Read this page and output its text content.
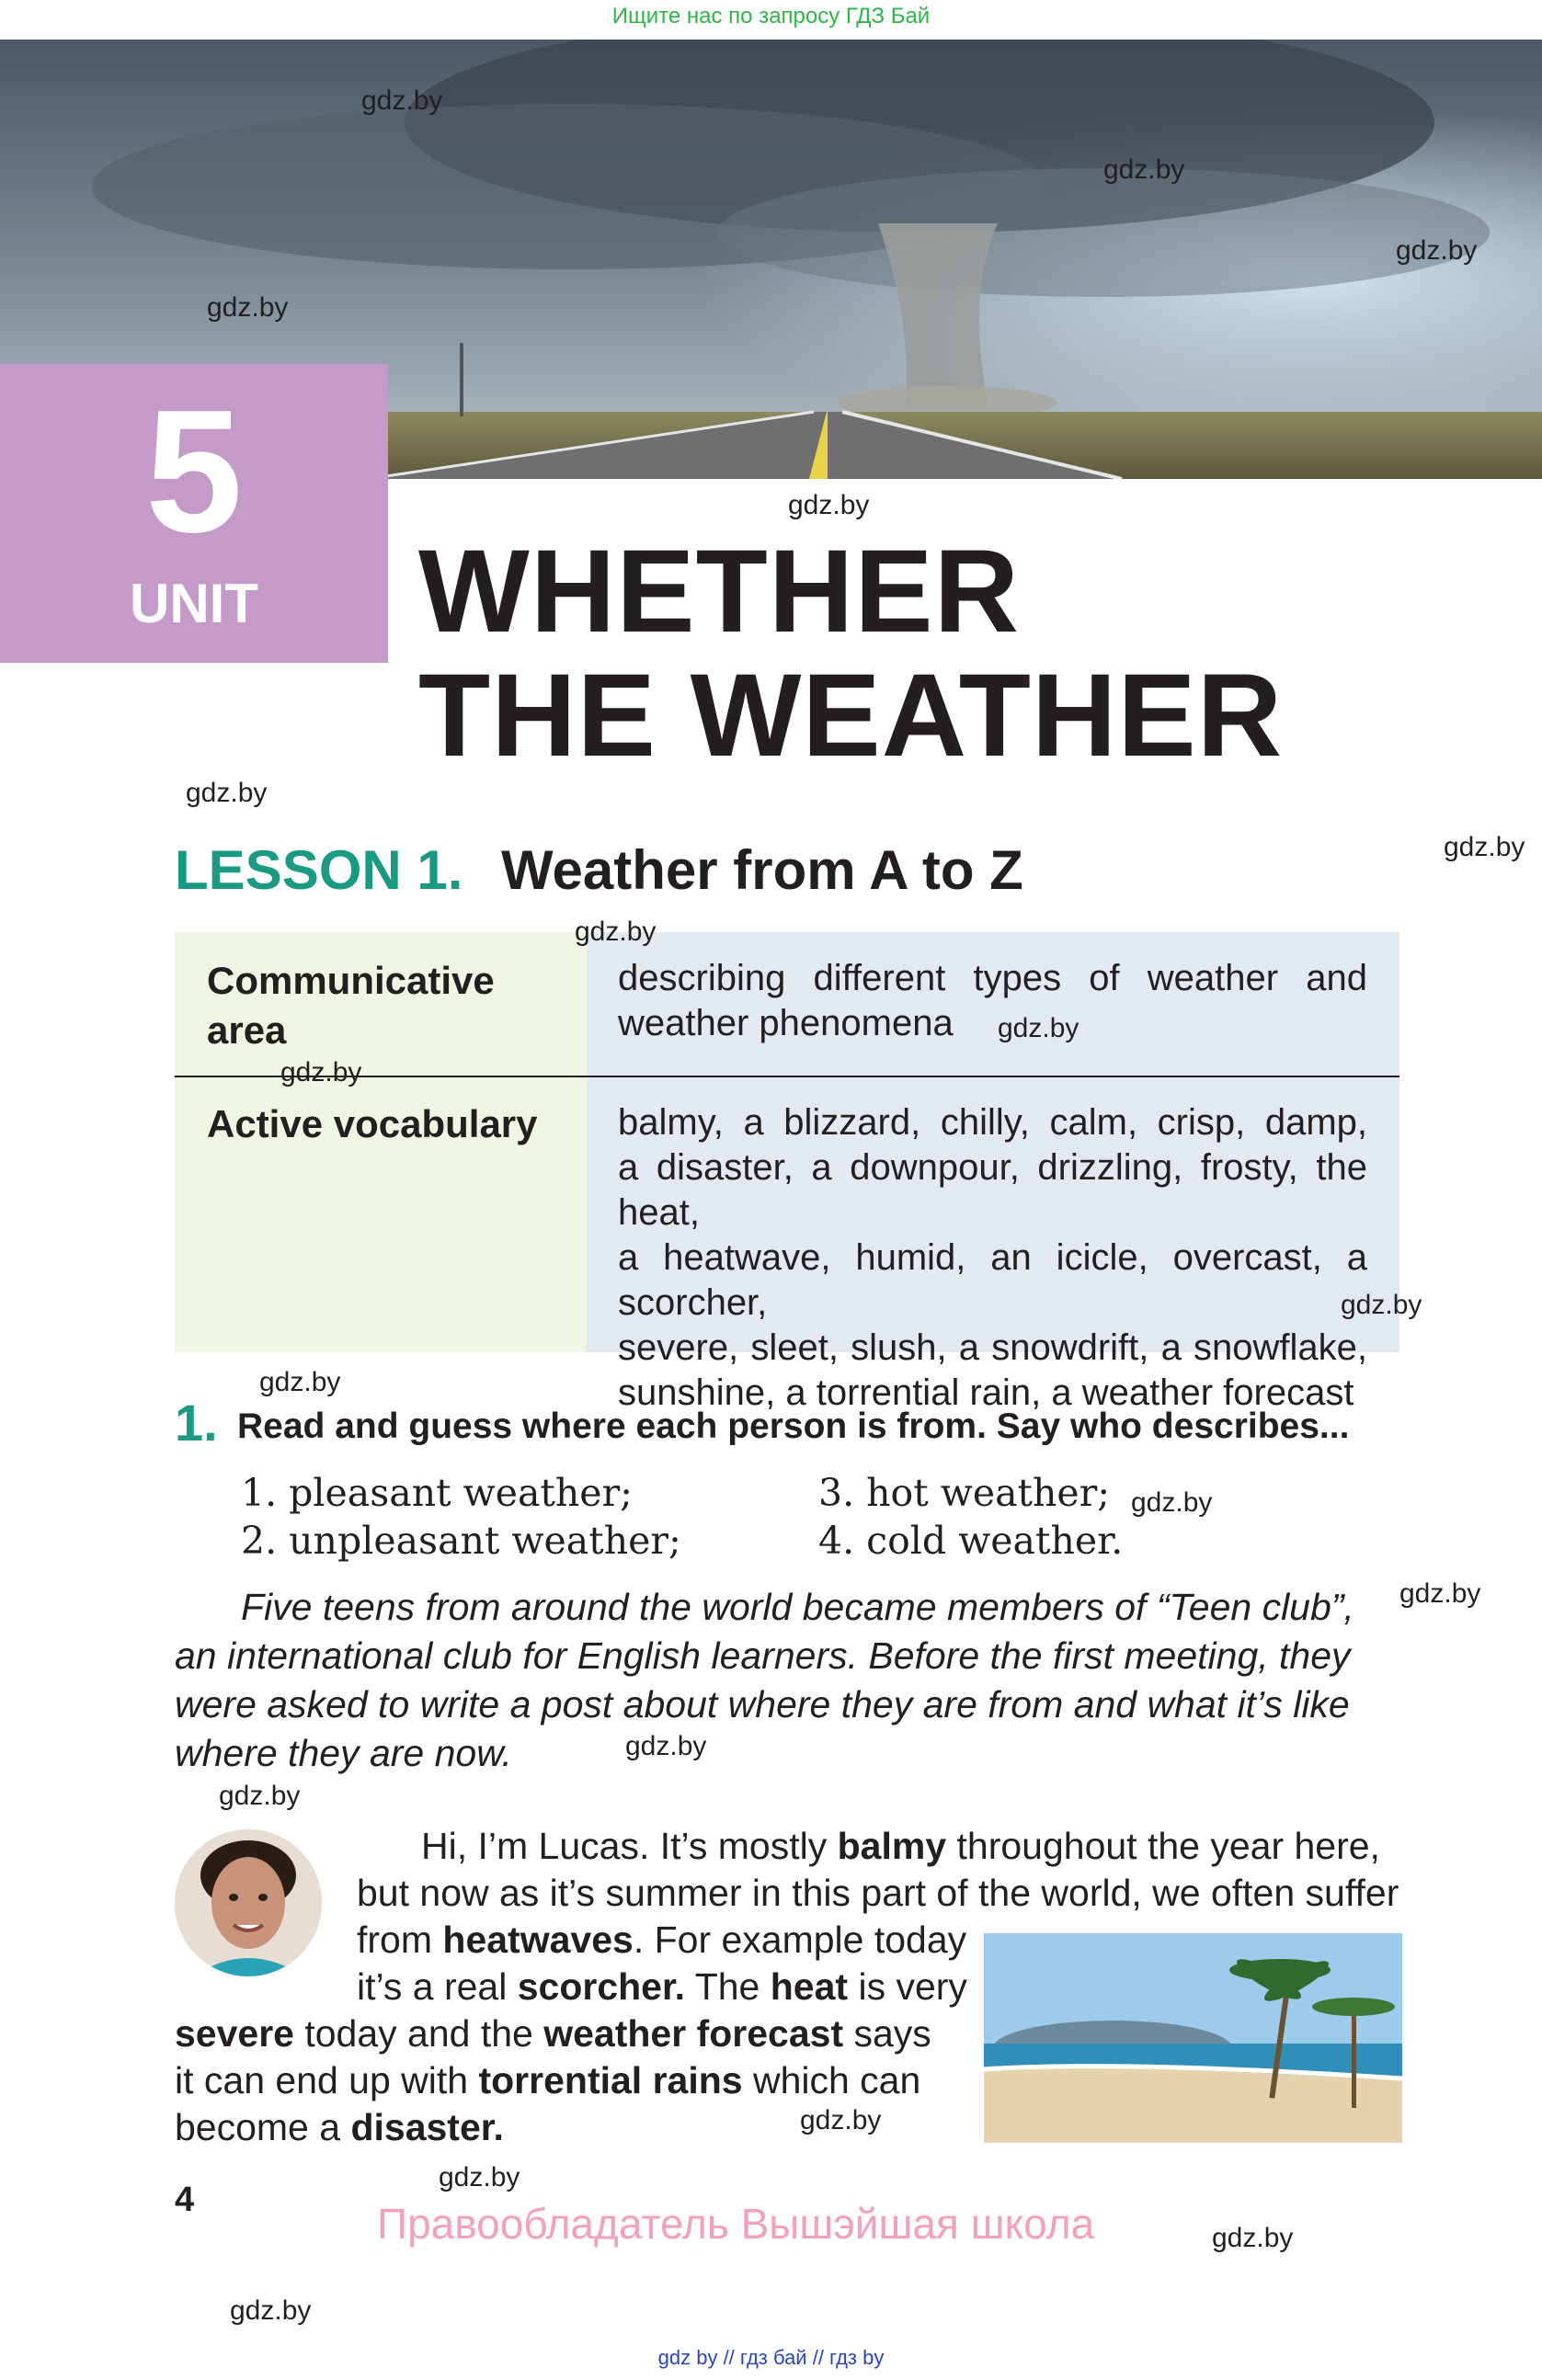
Ищите нас по запросу ГДЗ Бай
5
UNIT	WHETHER
THE WEATHER
LESSON 1. Weather from A to Z
Communicative
area
describing different types of weather and
weather phenomena
Active vocabulary balmy, a blizzard, chilly, calm, crisp, damp,
a disaster, a downpour, drizzling, frosty, the heat,
a heatwave, humid, an icicle, overcast, a scorcher,
severe, sleet, slush, a snowdrift, a snowflake,
sunshine, a torrential rain, a weather forecast
1. Read and guess where each person is from. Say who describes...
1. pleasant weather;
2. unpleasant weather;
3. hot weather;
4. cold weather.
Five teens from around the world became members of “Teen club”,
an international club for English learners. Before the first meeting, they
were asked to write a post about where they are from and what it’s like
where they are now.
Hi, I’m Lucas. It’s mostly balmy throughout the year here,
but now as it’s summer in this part of the world, we often suffer
from heatwaves. For example today
it’s a real scorcher. The heat is very
severe today and the weather forecast says
it can end up with torrential rains which can
become a disaster.
4	Правообладатель Вышэйшая школа
gdz by // гдз бай // гдз by
gdz.by
gdz.by
gdz.by
gdz.by
gdz.by
gdz.by
gdz.by
gdz.by
gdz.by
gdz.by
gdz.by
gdz.by
gdz.by
gdz.by
gdz.by
gdz.by
gdz.by
gdz.by
gdz.by
gdz.by
